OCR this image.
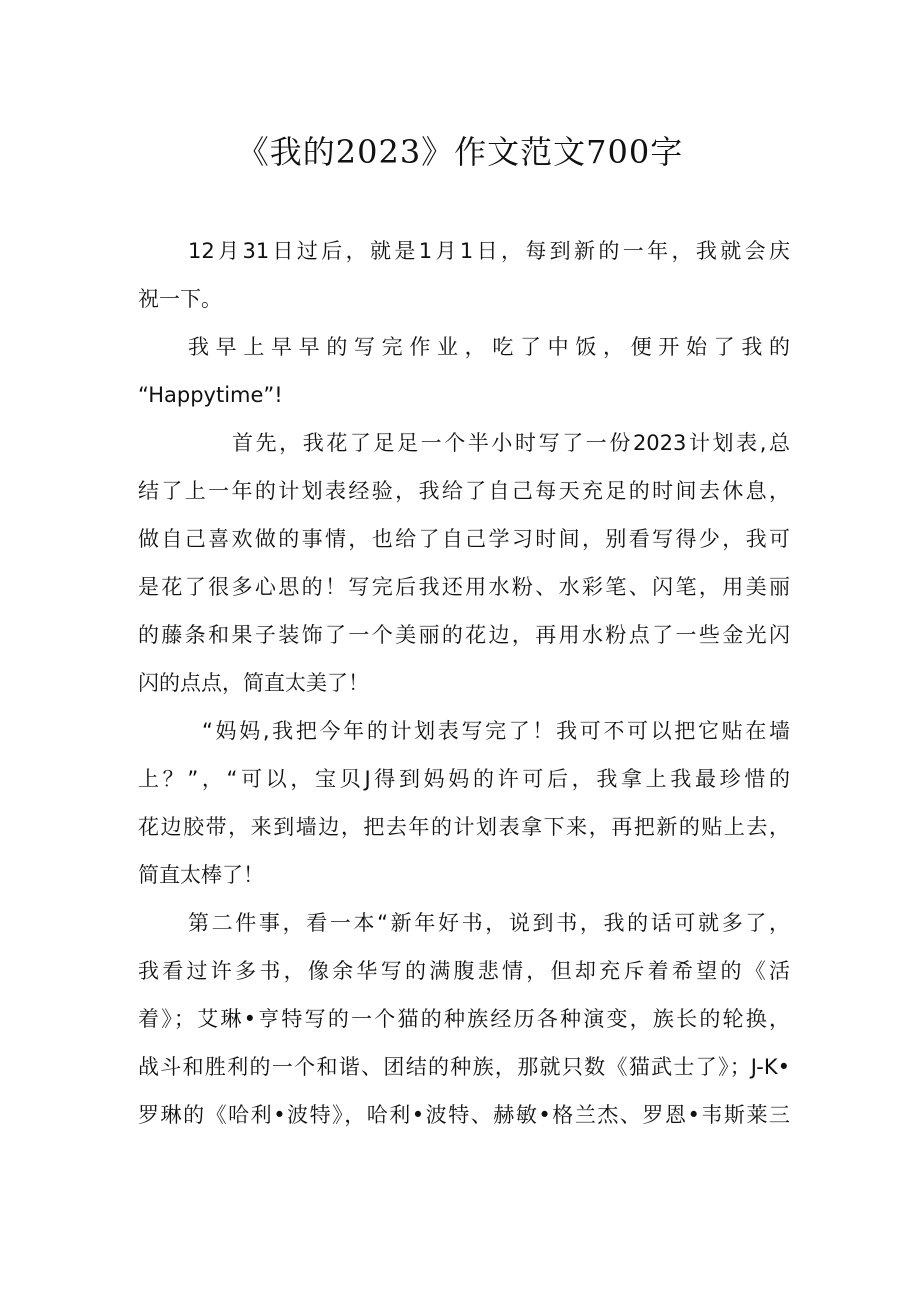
《我的2023》作文范文700字
12月31日过后，就是1月1日，每到新的一年，我就会庆
祝一下。
我早上早早的写完作业，吃了中饭，便开始了我的
“Happytime”!
首先，我花了足足一个半小时写了一份2023计划表,总
结了上一年的计划表经验，我给了自己每天充足的时间去休息，
做自己喜欢做的事情，也给了自己学习时间，别看写得少，我可
是花了很多心思的！写完后我还用水粉、水彩笔、闪笔，用美丽
的藤条和果子装饰了一个美丽的花边，再用水粉点了一些金光闪
闪的点点，简直太美了！
“妈妈,我把今年的计划表写完了！我可不可以把它贴在墙
上？”，“可以，宝贝J得到妈妈的许可后，我拿上我最珍惜的
花边胶带，来到墙边，把去年的计划表拿下来，再把新的贴上去，
简直太棒了！
第二件事，看一本“新年好书，说到书，我的话可就多了，
我看过许多书，像余华写的满腹悲情，但却充斥着希望的《活
着》；艾琳•亨特写的一个猫的种族经历各种演变，族长的轮换，
战斗和胜利的一个和谐、团结的种族，那就只数《猫武士了》；J-K•
罗琳的《哈利•波特》，哈利•波特、赫敏•格兰杰、罗恩•韦斯莱三
